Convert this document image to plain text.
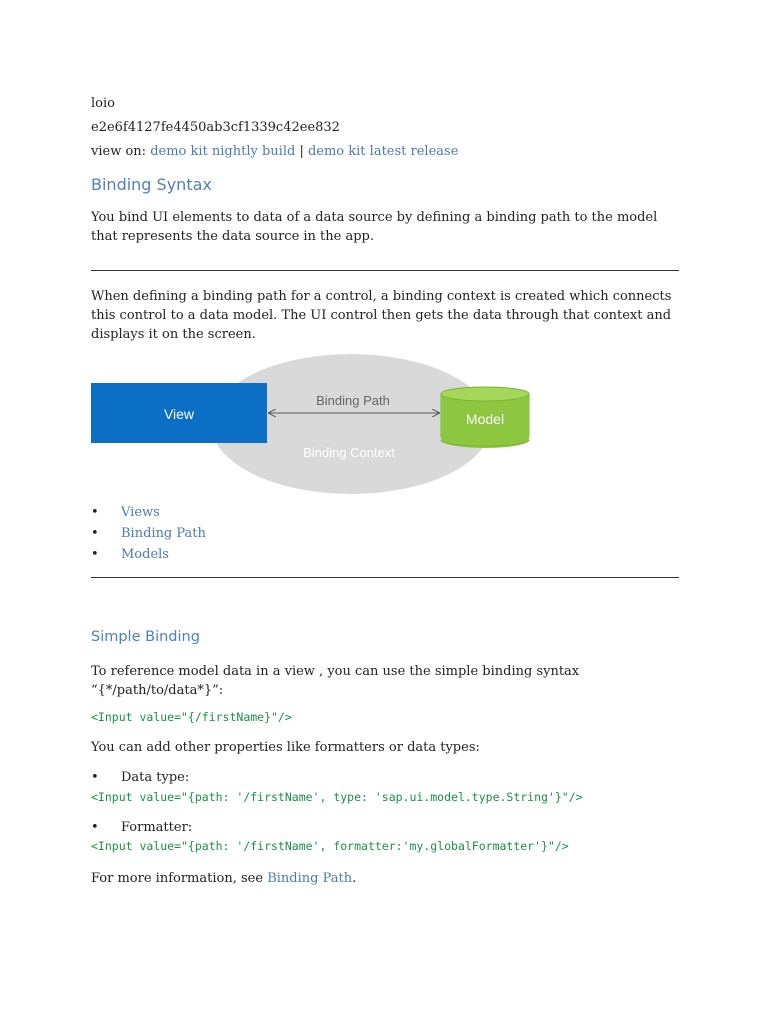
loio

e2e6f4127fe4450ab3cf1339c42ee832

view on: demo kit nightly build | demo kit latest release

Binding Syntax

You bind UI elements to data of a data source by defining a binding path to the model that represents the data source in the app.

When defining a binding path for a control, a binding context is created which connects this control to a data model. The UI control then gets the data through that context and displays it on the screen.

View
Binding Path
Binding Context
Model
• Views
• Binding Path
• Models
Simple Binding

To reference model data in a view , you can use the simple binding syntax

“{*/path/to/data*}”:

<Input value="{/firstName}"/>

You can add other properties like formatters or data types:

• Data type:

<Input value="{path: '/firstName', type: 'sap.ui.model.type.String'}"/>

• Formatter:

<Input value="{path: '/firstName', formatter:'my.globalFormatter'}"/>

For more information, see Binding Path.
